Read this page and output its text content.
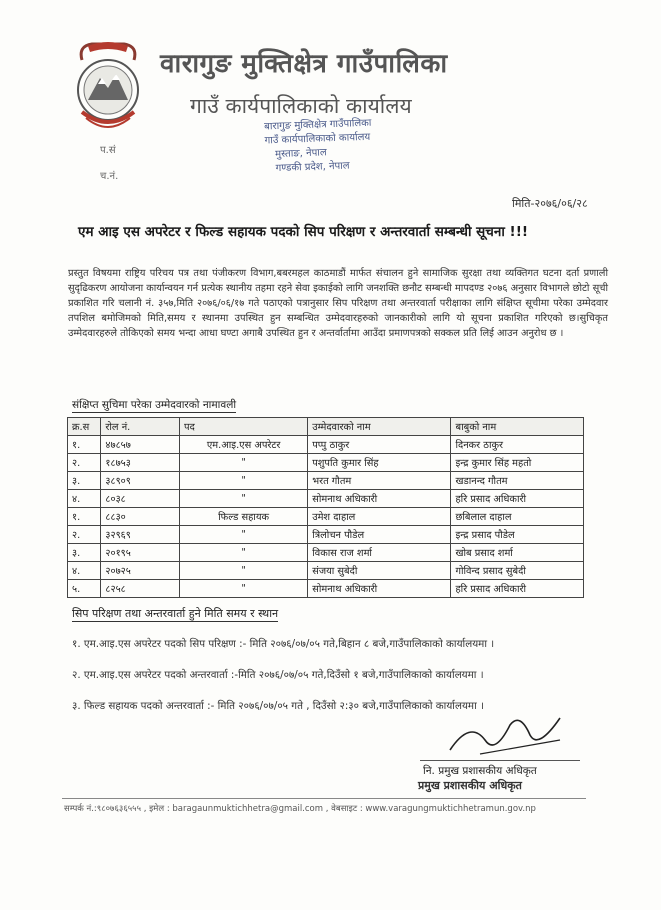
वारागुङ मुक्तिक्षेत्र गाउँपालिका
गाउँ कार्यपालिकाको कार्यालय
प.सं
च.नं.
बारागुङ मुक्तिक्षेत्र गाउँपालिका
गाउँ कार्यपालिकाको कार्यालय
मुस्ताङ, नेपाल
गण्डकी प्रदेश, नेपाल
मिति-२०७६/०६/२८
एम आइ एस अपरेटर र फिल्ड सहायक पदको सिप परिक्षण र अन्तरवार्ता सम्बन्धी सूचना !!!
प्रस्तुत विषयमा राष्ट्रिय परिचय पत्र तथा पंजीकरण विभाग,बबरमहल काठमाडौं मार्फत संचालन हुने सामाजिक सुरक्षा तथा व्यक्तिगत घटना दर्ता प्रणाली सुदृढिकरण आयोजना कार्यान्वयन गर्न प्रत्येक स्थानीय तहमा रहने सेवा इकाईको लागि जनशक्ति छनौट सम्बन्धी मापदण्ड २०७६ अनुसार विभागले छोटो सूची प्रकाशित गरि चलानी नं. ३५७,मिति २०७६/०६/१७ गते पठाएको पत्रानुसार सिप परिक्षण तथा अन्तरवार्ता परीक्षाका लागि संक्षिप्त सूचीमा परेका उम्मेदवार तपशिल बमोजिमको मिति,समय र स्थानमा उपस्थित हुन सम्बन्धित उम्मेदवारहरुको जानकारीको लागि यो सूचना प्रकाशित गरिएको छ।सुचिकृत उम्मेदवारहरुले तोकिएको समय भन्दा आधा घण्टा अगाबै उपस्थित हुन र अन्तर्वार्तामा आउँदा प्रमाणपत्रको सक्कल प्रति लिई आउन अनुरोध छ ।
संक्षिप्त सुचिमा परेका उम्मेदवारको नामावली
क्र.स	रोल नं.	पद	उम्मेदवारको नाम	बाबुको नाम
१.	४७८५७	एम.आइ.एस अपरेटर	पप्पु ठाकुर	दिनकर ठाकुर
२.	१८७५३	"	पशुपति कुमार सिंह	इन्द्र कुमार सिंह महतो
३.	३८९०९	"	भरत गौतम	खडानन्द गौतम
४.	८०३८	"	सोमनाथ अधिकारी	हरि प्रसाद अधिकारी
१.	८८३०	फिल्ड सहायक	उमेश दाहाल	छबिलाल दाहाल
२.	३२९६९	"	त्रिलोचन पौडेल	इन्द्र प्रसाद पौडेल
३.	२०१९५	"	विकास राज शर्मा	खोब प्रसाद शर्मा
४.	२०७२५	"	संजया सुबेदी	गोविन्द प्रसाद सुबेदी
५.	८२५८	"	सोमनाथ अधिकारी	हरि प्रसाद अधिकारी
सिप परिक्षण तथा अन्तरवार्ता हुने मिति समय र स्थान
१. एम.आइ.एस अपरेटर पदको सिप परिक्षण :- मिति २०७६/०७/०५ गते,बिहान ८ बजे,गाउँपालिकाको कार्यालयमा ।
२. एम.आइ.एस अपरेटर पदको अन्तरवार्ता :-मिति २०७६/०७/०५ गते,दिउँसो १ बजे,गाउँपालिकाको कार्यालयमा ।
३. फिल्ड सहायक पदको अन्तरवार्ता :- मिति २०७६/०७/०५ गते , दिउँसो २:३० बजे,गाउँपालिकाको कार्यालयमा ।
नि. प्रमुख प्रशासकीय अधिकृत
प्रमुख प्रशासकीय अधिकृत
सम्पर्क नं.:९८०७६३६५५५ , इमेल : baragaunmuktichhetra@gmail.com , वेबसाइट : www.varagungmuktichhetramun.gov.np
